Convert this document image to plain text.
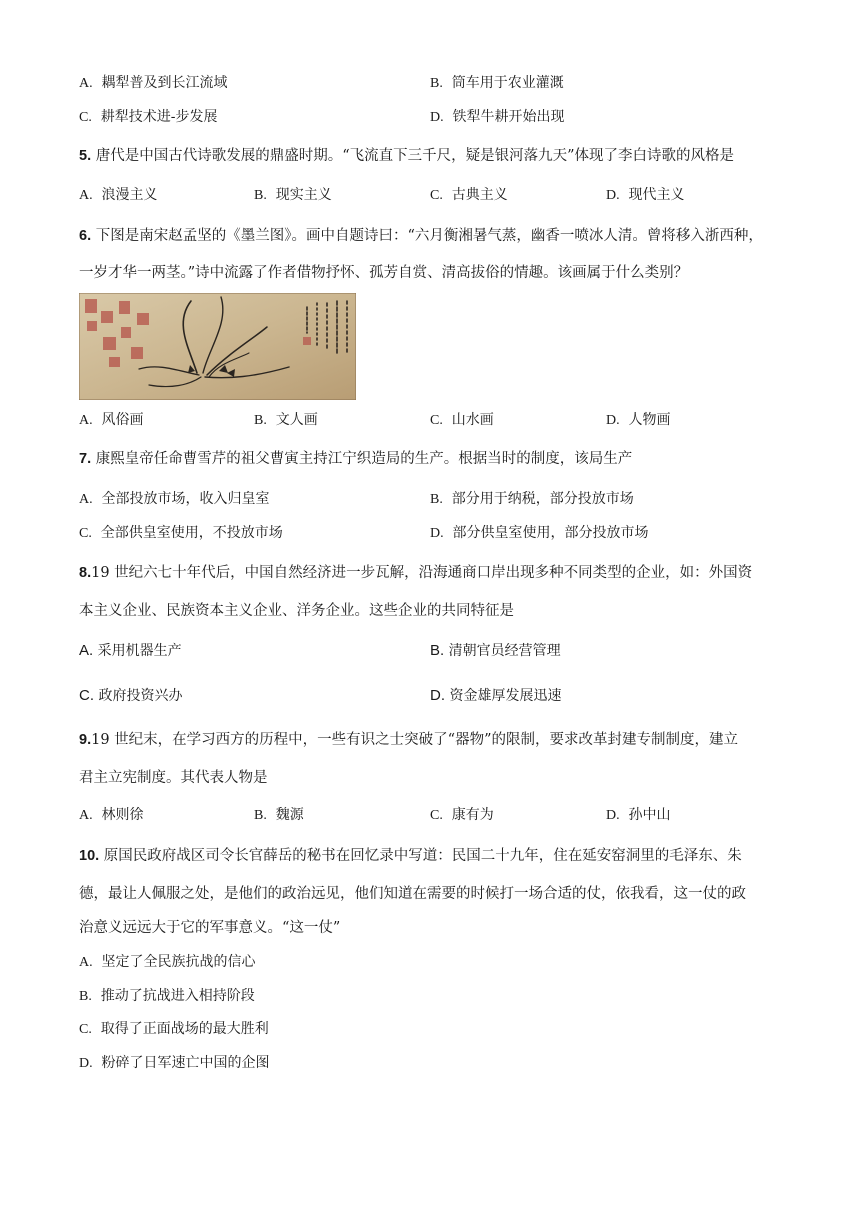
A. 耦犁普及到长江流域	B. 筒车用于农业灌溉
C. 耕犁技术进-步发展	D. 铁犁牛耕开始出现
5. 唐代是中国古代诗歌发展的鼎盛时期。“飞流直下三千尺，疑是银河落九天”体现了李白诗歌的风格是
A. 浪漫主义	B. 现实主义	C. 古典主义	D. 现代主义
6. 下图是南宋赵孟坚的《墨兰图》。画中自题诗曰：“六月衡湘暑气蒸，幽香一喷冰人清。曾将移入浙西种，
一岁才华一两茎。”诗中流露了作者借物抒怀、孤芳自赏、清高拔俗的情趣。该画属于什么类别？
A. 风俗画	B. 文人画	C. 山水画	D. 人物画
7. 康熙皇帝任命曹雪芹的祖父曹寅主持江宁织造局的生产。根据当时的制度，该局生产
A. 全部投放市场，收入归皇室	B. 部分用于纳税，部分投放市场
C. 全部供皇室使用，不投放市场	D. 部分供皇室使用，部分投放市场
8.19 世纪六七十年代后，中国自然经济进一步瓦解，沿海通商口岸出现多种不同类型的企业，如：外国资
本主义企业、民族资本主义企业、洋务企业。这些企业的共同特征是
A. 采用机器生产	B. 清朝官员经营管理
C. 政府投资兴办	D. 资金雄厚发展迅速
9.19 世纪末，在学习西方的历程中，一些有识之士突破了“器物”的限制，要求改革封建专制制度，建立
君主立宪制度。其代表人物是
A. 林则徐	B. 魏源	C. 康有为	D. 孙中山
10. 原国民政府战区司令长官薛岳的秘书在回忆录中写道：民国二十九年，住在延安窑洞里的毛泽东、朱
德，最让人佩服之处，是他们的政治远见，他们知道在需要的时候打一场合适的仗，依我看，这一仗的政
治意义远远大于它的军事意义。“这一仗”
A. 坚定了全民族抗战的信心
B. 推动了抗战进入相持阶段
C. 取得了正面战场的最大胜利
D. 粉碎了日军速亡中国的企图
